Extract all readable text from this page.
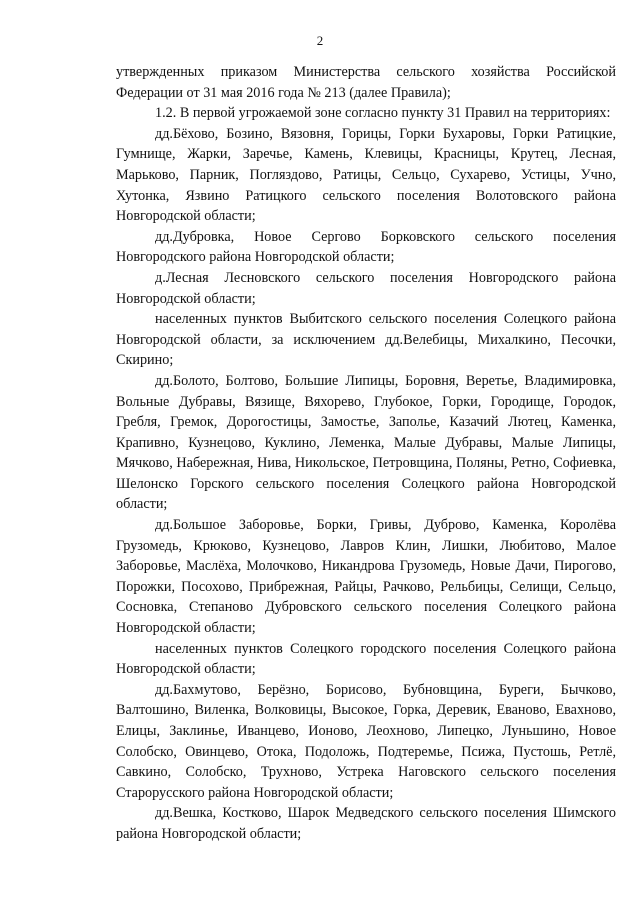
2

утвержденных приказом Министерства сельского хозяйства Российской Федерации от 31 мая 2016 года № 213 (далее Правила);

1.2. В первой угрожаемой зоне согласно пункту 31 Правил на территориях:

дд.Бёхово, Бозино, Вязовня, Горицы, Горки Бухаровы, Горки Ратицкие, Гумнище, Жарки, Заречье, Камень, Клевицы, Красницы, Крутец, Лесная, Марьково, Парник, Погляздово, Ратицы, Сельцо, Сухарево, Устицы, Учно, Хутонка, Язвино Ратицкого сельского поселения Волотовского района Новгородской области;

дд.Дубровка, Новое Сергово Борковского сельского поселения Новгородского района Новгородской области;

д.Лесная Лесновского сельского поселения Новгородского района Новгородской области;

населенных пунктов Выбитского сельского поселения Солецкого района Новгородской области, за исключением дд.Велебицы, Михалкино, Песочки, Скирино;

дд.Болото, Болтово, Большие Липицы, Боровня, Веретье, Владимировка, Вольные Дубравы, Вязище, Вяхорево, Глубокое, Горки, Городище, Городок, Гребля, Гремок, Дорогостицы, Замостье, Заполье, Казачий Лютец, Каменка, Крапивно, Кузнецово, Куклино, Леменка, Малые Дубравы, Малые Липицы, Мячково, Набережная, Нива, Никольское, Петровщина, Поляны, Ретно, Софиевка, Шелонско Горского сельского поселения Солецкого района Новгородской области;

дд.Большое Заборовье, Борки, Гривы, Дуброво, Каменка, Королёва Грузомедь, Крюково, Кузнецово, Лавров Клин, Лишки, Любитово, Малое Заборовье, Маслёха, Молочково, Никандрова Грузомедь, Новые Дачи, Пирогово, Порожки, Посохово, Прибрежная, Райцы, Рачково, Рельбицы, Селищи, Сельцо, Сосновка, Степаново Дубровского сельского поселения Солецкого района Новгородской области;

населенных пунктов Солецкого городского поселения Солецкого района Новгородской области;

дд.Бахмутово, Берёзно, Борисово, Бубновщина, Буреги, Бычково, Валтошино, Виленка, Волковицы, Высокое, Горка, Деревик, Еваново, Евахново, Елицы, Заклинье, Иванцево, Ионово, Леохново, Липецко, Луньшино, Новое Солобско, Овинцево, Отока, Подоложь, Подтеремье, Псижа, Пустошь, Ретлё, Савкино, Солобско, Трухново, Устрека Наговского сельского поселения Старорусского района Новгородской области;

дд.Вешка, Костково, Шарок Медведского сельского поселения Шимского района Новгородской области;
